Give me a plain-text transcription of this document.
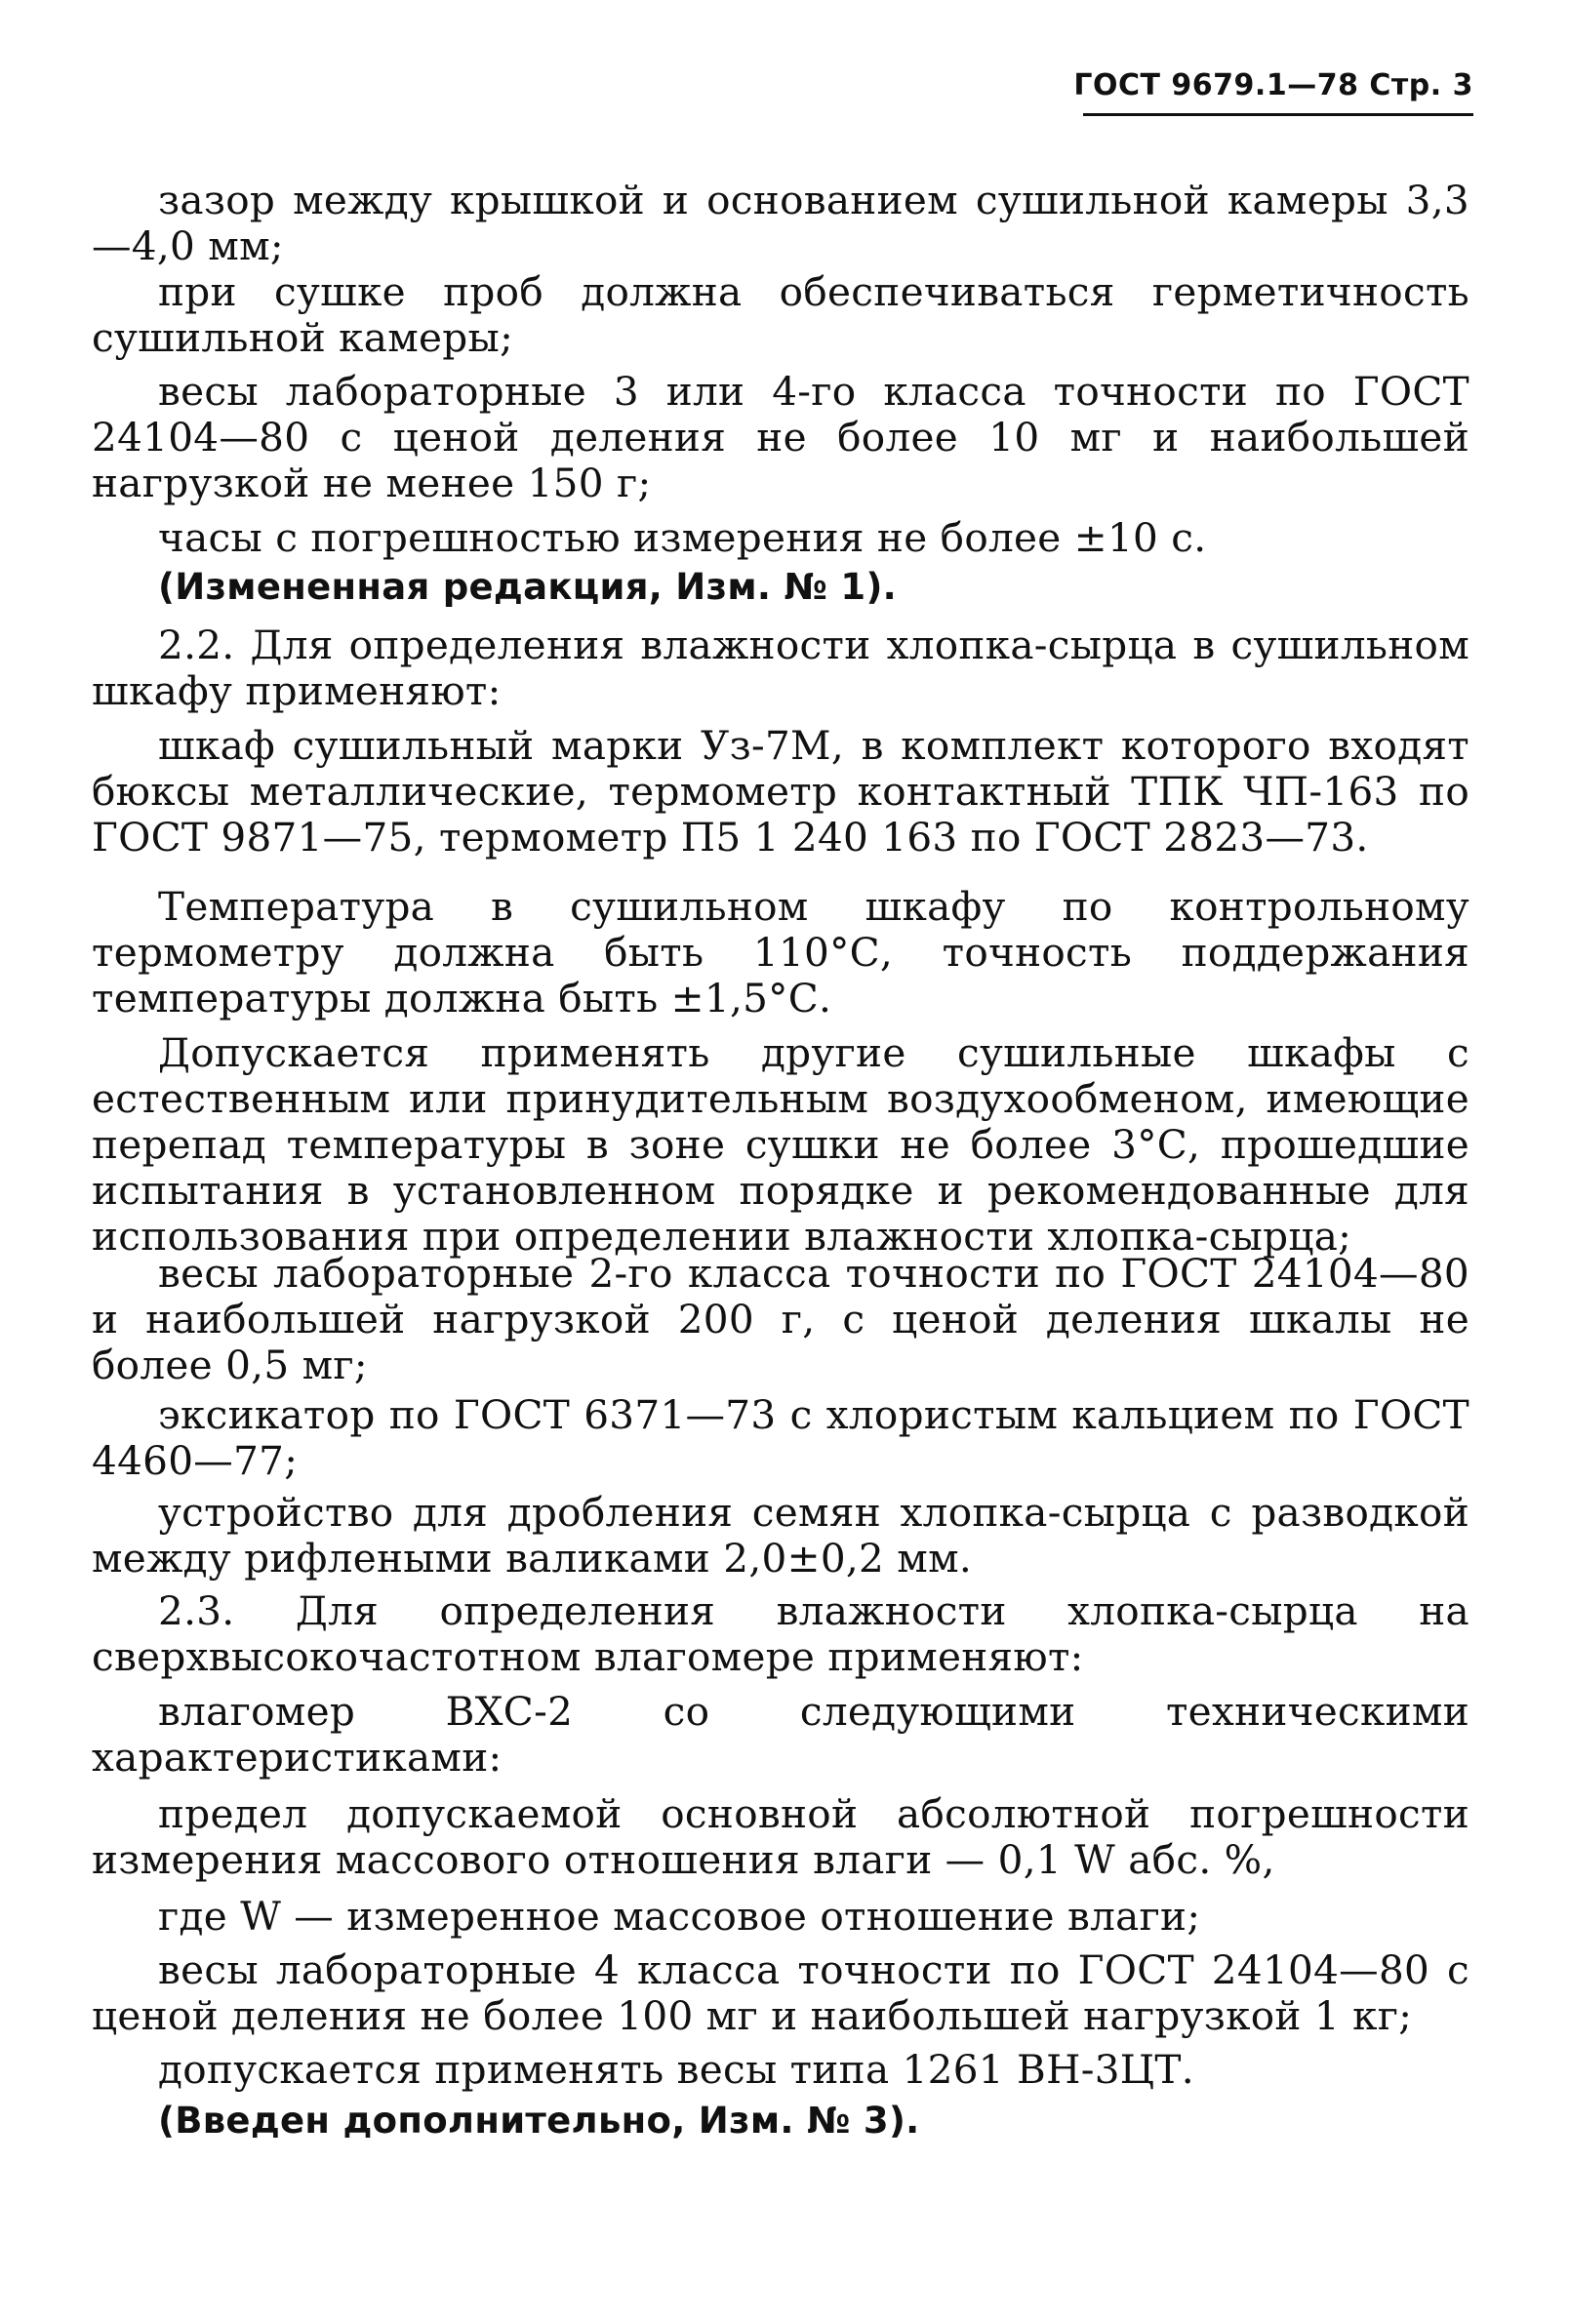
ГОСТ 9679.1—78 Стр. 3

зазор между крышкой и основанием сушильной камеры 3,3—4,0 мм;

при сушке проб должна обеспечиваться герметичность сушильной камеры;

весы лабораторные 3 или 4-го класса точности по ГОСТ 24104—80 с ценой деления не более 10 мг и наибольшей нагрузкой не менее 150 г;

часы с погрешностью измерения не более ±10 с.

(Измененная редакция, Изм. № 1).

2.2. Для определения влажности хлопка-сырца в сушильном шкафу применяют:

шкаф сушильный марки Уз-7М, в комплект которого входят бюксы металлические, термометр контактный ТПК ЧП-163 по ГОСТ 9871—75, термометр П5 1 240 163 по ГОСТ 2823—73.

Температура в сушильном шкафу по контрольному термометру должна быть 110°С, точность поддержания температуры должна быть ±1,5°С.

Допускается применять другие сушильные шкафы с естественным или принудительным воздухообменом, имеющие перепад температуры в зоне сушки не более 3°С, прошедшие испытания в установленном порядке и рекомендованные для использования при определении влажности хлопка-сырца;

весы лабораторные 2-го класса точности по ГОСТ 24104—80 и наибольшей нагрузкой 200 г, с ценой деления шкалы не более 0,5 мг;

эксикатор по ГОСТ 6371—73 с хлористым кальцием по ГОСТ 4460—77;

устройство для дробления семян хлопка-сырца с разводкой между рифлеными валиками 2,0±0,2 мм.

2.3. Для определения влажности хлопка-сырца на сверхвысокочастотном влагомере применяют:

влагомер ВХС-2 со следующими техническими характеристиками:

предел допускаемой основной абсолютной погрешности измерения массового отношения влаги — 0,1 W абс. %,

где W — измеренное массовое отношение влаги;

весы лабораторные 4 класса точности по ГОСТ 24104—80 с ценой деления не более 100 мг и наибольшей нагрузкой 1 кг;

допускается применять весы типа 1261 ВН-3ЦТ.

(Введен дополнительно, Изм. № 3).
